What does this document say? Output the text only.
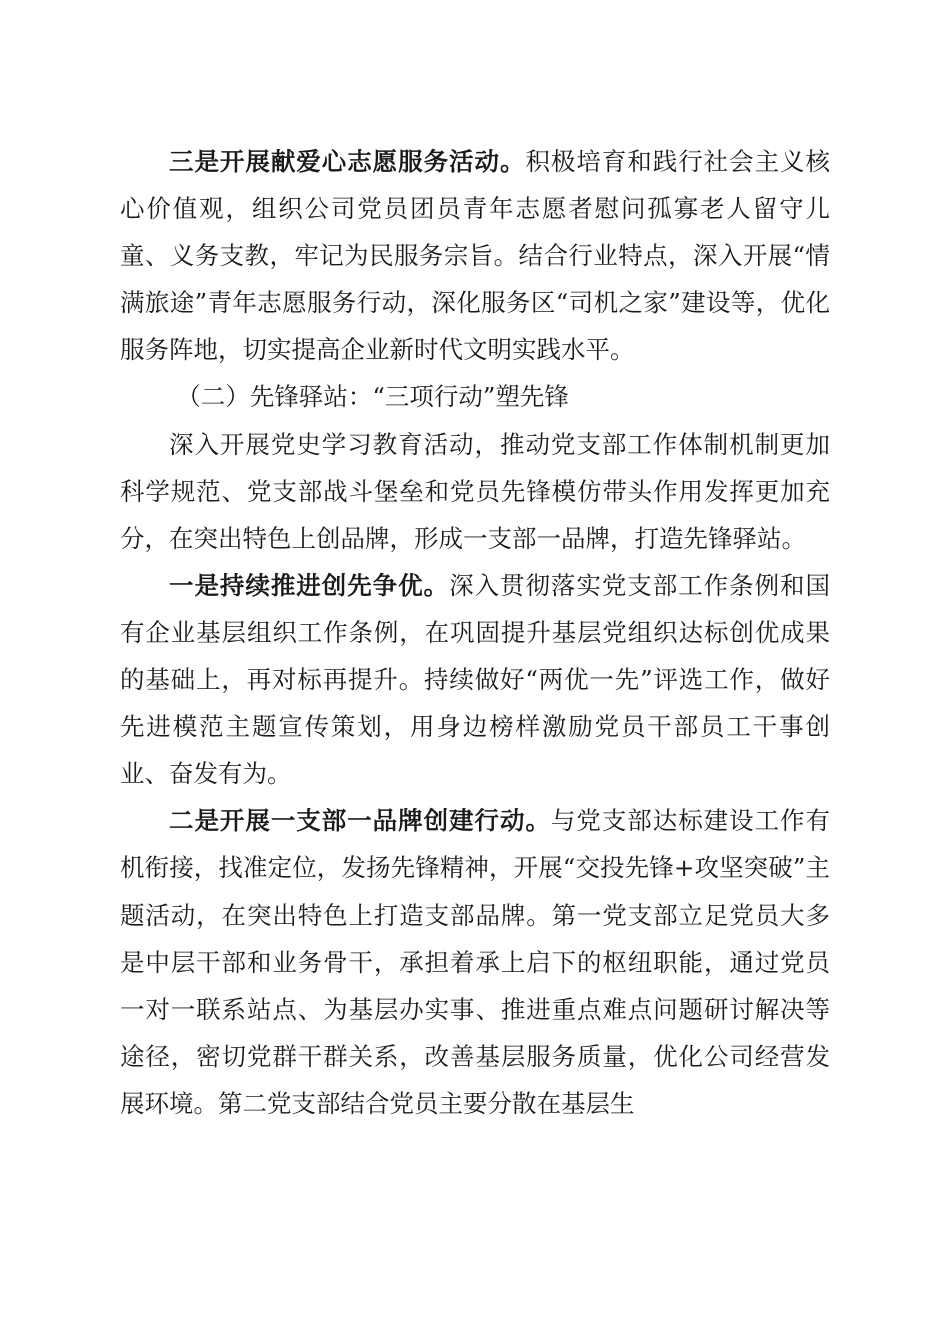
三是开展献爱心志愿服务活动。积极培育和践行社会主义核心价值观，组织公司党员团员青年志愿者慰问孤寡老人留守儿童、义务支教，牢记为民服务宗旨。结合行业特点，深入开展“情满旅途”青年志愿服务行动，深化服务区“司机之家”建设等，优化服务阵地，切实提高企业新时代文明实践水平。

（二）先锋驿站：“三项行动”塑先锋

深入开展党史学习教育活动，推动党支部工作体制机制更加科学规范、党支部战斗堡垒和党员先锋模仿带头作用发挥更加充分，在突出特色上创品牌，形成一支部一品牌，打造先锋驿站。

一是持续推进创先争优。深入贯彻落实党支部工作条例和国有企业基层组织工作条例，在巩固提升基层党组织达标创优成果的基础上，再对标再提升。持续做好“两优一先”评选工作，做好先进模范主题宣传策划，用身边榜样激励党员干部员工干事创业、奋发有为。

二是开展一支部一品牌创建行动。与党支部达标建设工作有机衔接，找准定位，发扬先锋精神，开展“交投先锋+攻坚突破”主题活动，在突出特色上打造支部品牌。第一党支部立足党员大多是中层干部和业务骨干，承担着承上启下的枢纽职能，通过党员一对一联系站点、为基层办实事、推进重点难点问题研讨解决等途径，密切党群干群关系，改善基层服务质量，优化公司经营发展环境。第二党支部结合党员主要分散在基层生
